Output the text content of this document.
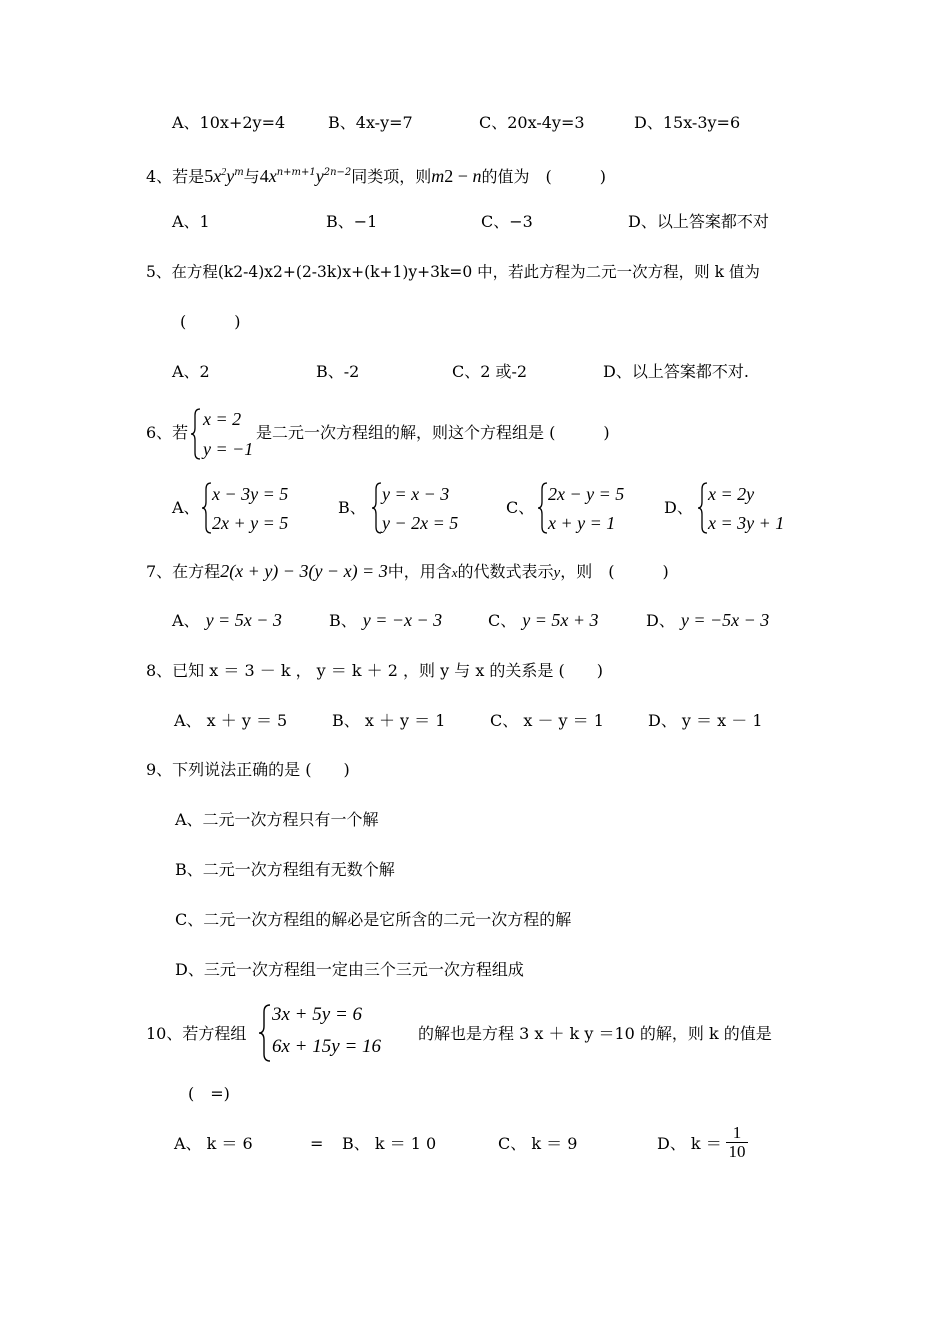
A、10x+2y=4	B、4x-y=7	C、20x-4y=3	D、15x-3y=6
4、若是$5x^2y^m$与$4x^{n+m+1}y^{2n-2}$同类项，则m2 − n的值为　(　　　)
A、1	B、−1	C、−3	D、以上答案都不对
5、在方程(k2-4)x2+(2-3k)x+(k+1)y+3k=0 中，若此方程为二元一次方程，则 k 值为
(　　　)
A、2	B、-2	C、2 或-2	D、以上答案都不对.
6、若
x = 2
y = −1
是二元一次方程组的解，则这个方程组是 (　　　)
A、
x − 3y = 5
2x + y = 5
B、
y = x − 3
y − 2x = 5
C、
2x − y = 5
x + y = 1
D、
x = 2y
x = 3y + 1
7、在方程2(x + y) − 3(y − x) = 3中，用含x的代数式表示y，则　(　　　)
A、 y = 5x − 3	B、 y = −x − 3	C、 y = 5x + 3	D、 y = −5x − 3
8、已知 x ＝ 3 － k ， y ＝ k ＋ 2 ，则 y 与 x 的关系是 (　　)
A、 x ＋ y ＝ 5	B、 x ＋ y ＝ 1	C、 x － y ＝ 1	D、 y ＝ x － 1
9、下列说法正确的是 (　　)
A、二元一次方程只有一个解
B、二元一次方程组有无数个解
C、二元一次方程组的解必是它所含的二元一次方程的解
D、三元一次方程组一定由三个三元一次方程组成
10、若方程组
3x + 5y = 6
6x + 15y = 16
的解也是方程 3 x ＋ k y ＝10 的解，则 k 的值是
(　=)
A、 k ＝ 6	= B、 k ＝ 1 0	C、 k ＝ 9	D、 $k = \frac{1}{10}$
